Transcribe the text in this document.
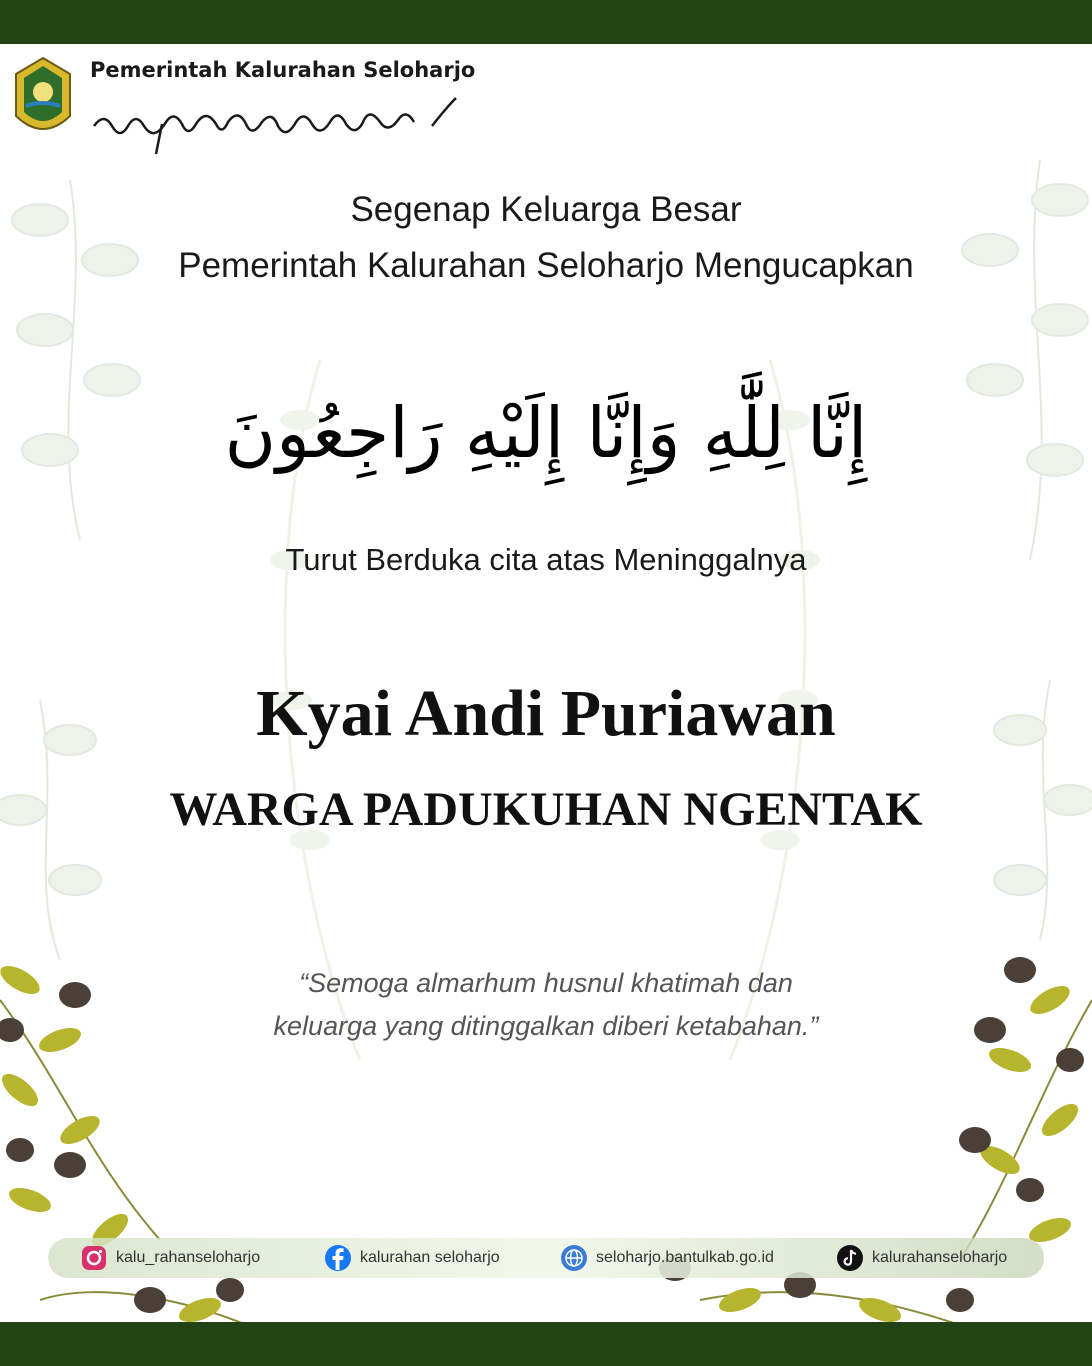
Pemerintah Kalurahan Seloharjo
Segenap Keluarga Besar
Pemerintah Kalurahan Seloharjo Mengucapkan
إِنَّا لِلَّٰهِ وَإِنَّا إِلَيْهِ رَاجِعُونَ
Turut Berduka cita atas Meninggalnya
Kyai Andi Puriawan
WARGA PADUKUHAN NGENTAK
“Semoga almarhum husnul khatimah dan
keluarga yang ditinggalkan diberi ketabahan.”
kalu_rahanseloharjo	kalurahan seloharjo	seloharjo.bantulkab.go.id	kalurahanseloharjo
